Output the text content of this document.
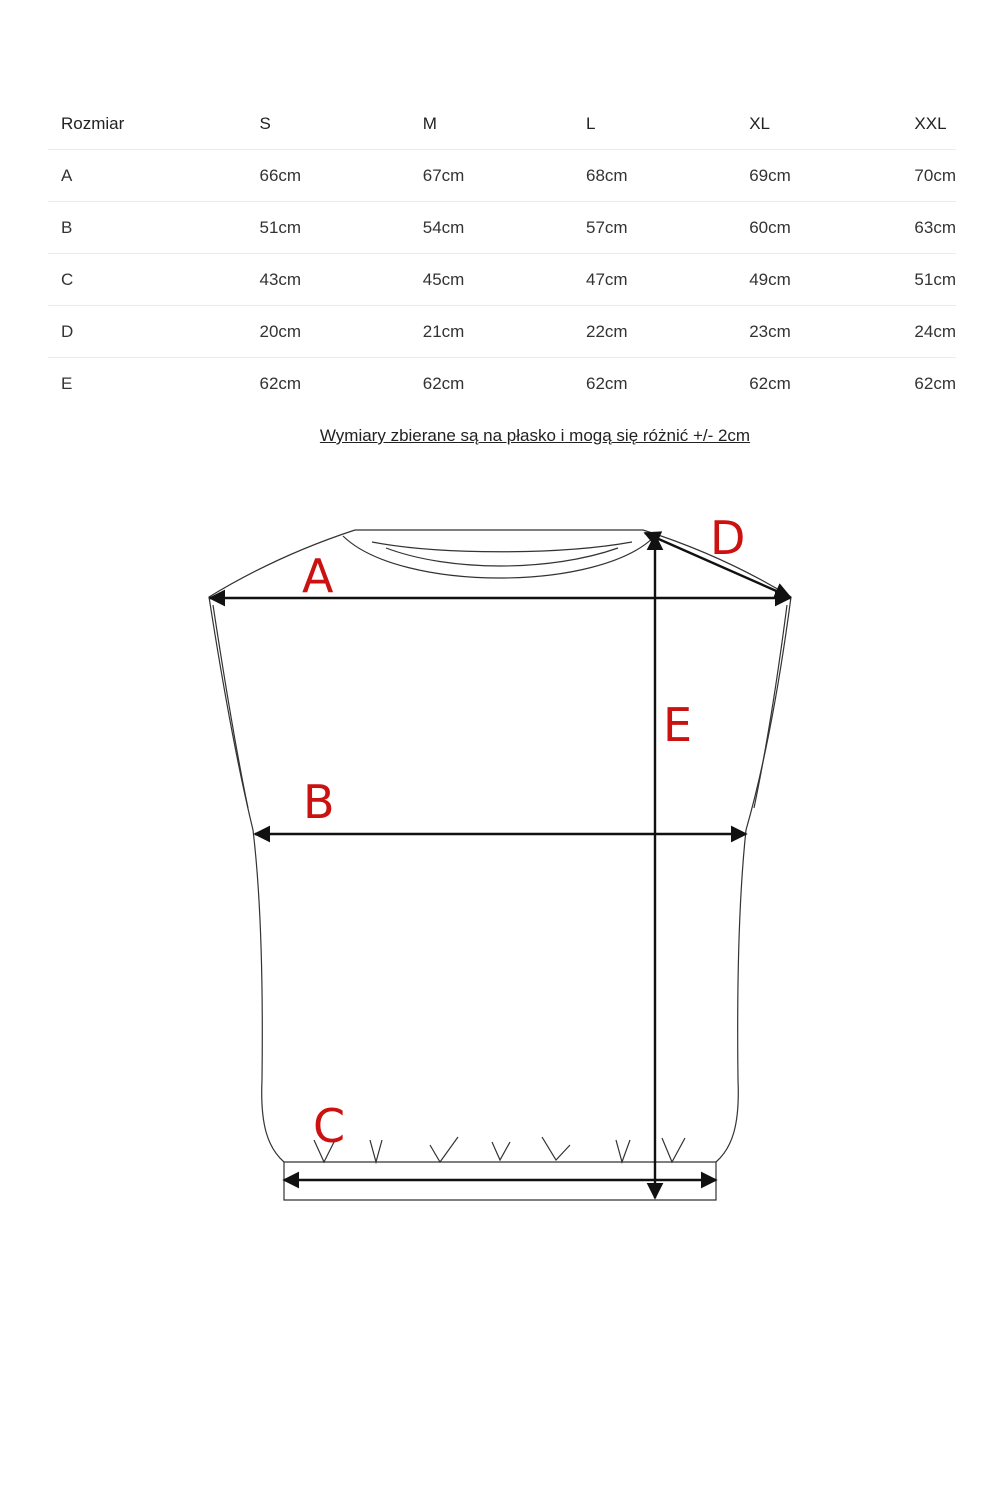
Rozmiar	S	M	L	XL	XXL
A	66cm	67cm	68cm	69cm	70cm
B	51cm	54cm	57cm	60cm	63cm
C	43cm	45cm	47cm	49cm	51cm
D	20cm	21cm	22cm	23cm	24cm
E	62cm	62cm	62cm	62cm	62cm
Wymiary zbierane są na płasko i mogą się różnić +/- 2cm
A
B
C
D
E
